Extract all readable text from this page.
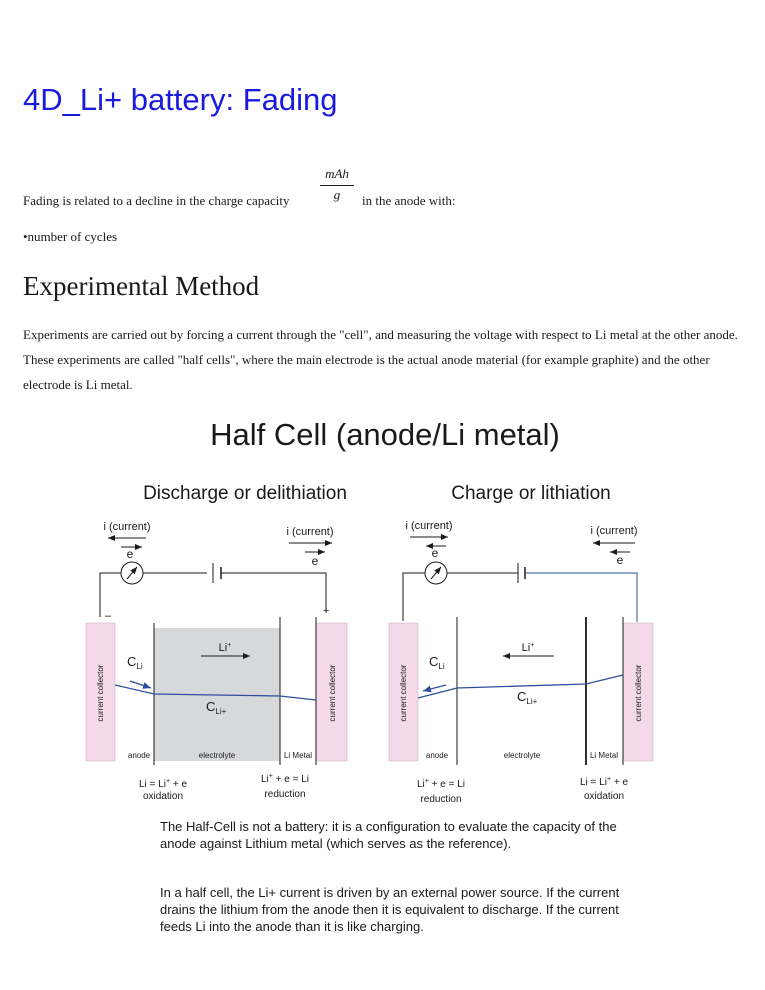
4D_Li+ battery: Fading
Fading is related to a decline in the charge capacity
mAh
g	in the anode with:
•number of cycles
Experimental Method

Experiments are carried out by forcing a current through the "cell", and measuring the voltage with respect to Li metal at the other anode. These experiments are called "half cells", where the main electrode is the actual anode material (for example graphite) and the other electrode is Li metal.

Half Cell (anode/Li metal)
Discharge or delithiation
i (current)
e
i (current)
e
–	+
current collector	current collector
Li+
$C_{Li}$
$C_{Li+}$
anode	electrolyte	Li Metal
Li = Li+ + e
oxidation
Li+ + e = Li
reduction
Charge or lithiation
i (current)
e
i (current)
e
current collector	current collector
Li+
$C_{Li}$
$C_{Li+}$
anode	electrolyte	Li Metal
Li+ + e = Li
reduction
Li = Li+ + e
oxidation

The Half-Cell is not a battery: it is a configuration to evaluate the capacity of the anode against Lithium metal (which serves as the reference).

In a half cell, the Li+ current is driven by an external power source. If the current drains the lithium from the anode then it is equivalent to discharge. If the current feeds Li into the anode than it is like charging.
